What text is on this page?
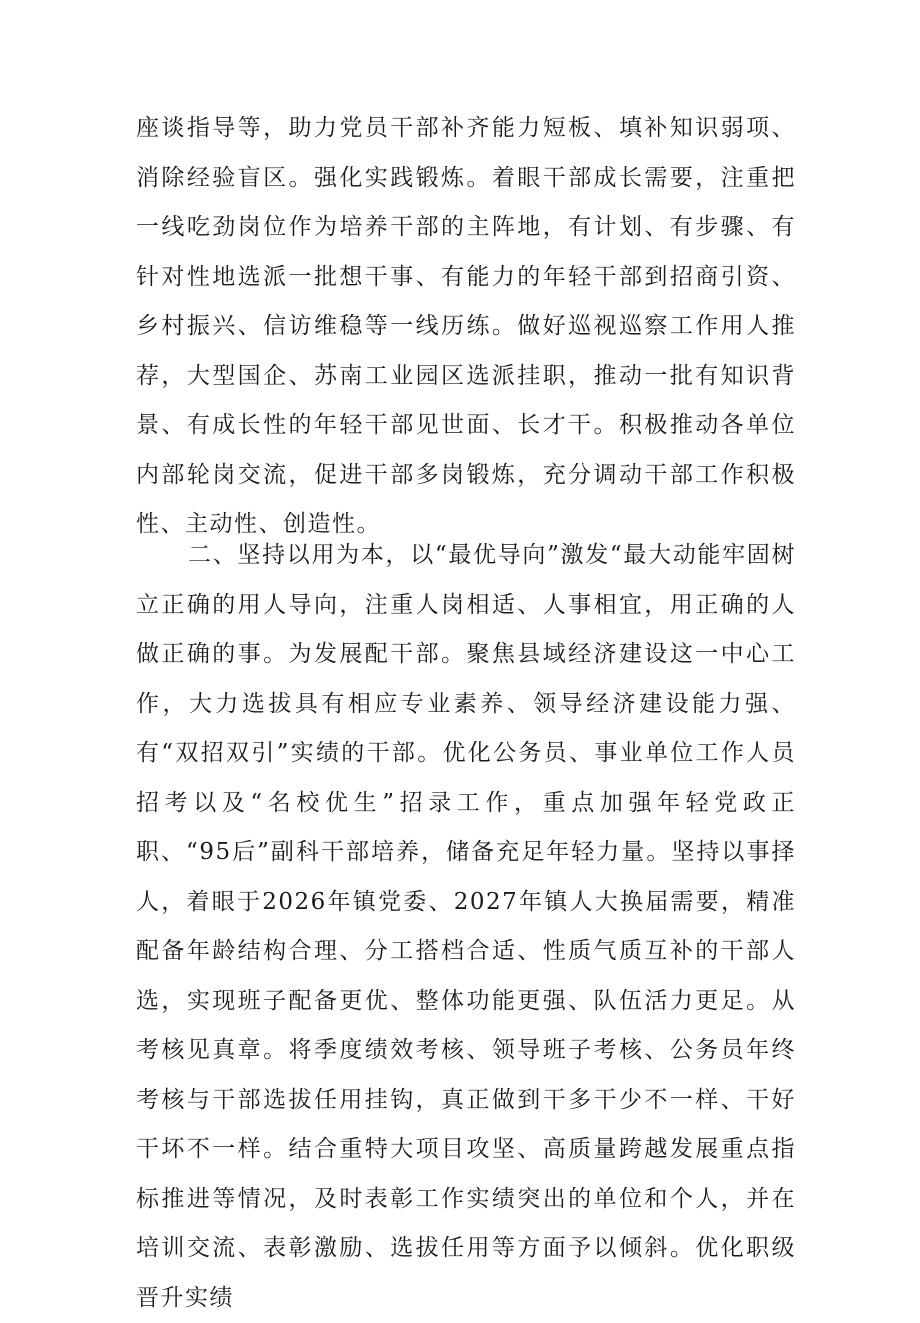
座谈指导等，助力党员干部补齐能力短板、填补知识弱项、消除经验盲区。强化实践锻炼。着眼干部成长需要，注重把一线吃劲岗位作为培养干部的主阵地，有计划、有步骤、有针对性地选派一批想干事、有能力的年轻干部到招商引资、乡村振兴、信访维稳等一线历练。做好巡视巡察工作用人推荐，大型国企、苏南工业园区选派挂职，推动一批有知识背景、有成长性的年轻干部见世面、长才干。积极推动各单位内部轮岗交流，促进干部多岗锻炼，充分调动干部工作积极性、主动性、创造性。

二、坚持以用为本，以“最优导向”激发“最大动能牢固树立正确的用人导向，注重人岗相适、人事相宜，用正确的人做正确的事。为发展配干部。聚焦县域经济建设这一中心工作，大力选拔具有相应专业素养、领导经济建设能力强、有“双招双引”实绩的干部。优化公务员、事业单位工作人员招考以及“名校优生”招录工作，重点加强年轻党政正职、“95后”副科干部培养，储备充足年轻力量。坚持以事择人，着眼于2026年镇党委、2027年镇人大换届需要，精准配备年龄结构合理、分工搭档合适、性质气质互补的干部人选，实现班子配备更优、整体功能更强、队伍活力更足。从考核见真章。将季度绩效考核、领导班子考核、公务员年终考核与干部选拔任用挂钩，真正做到干多干少不一样、干好干坏不一样。结合重特大项目攻坚、高质量跨越发展重点指标推进等情况，及时表彰工作实绩突出的单位和个人，并在培训交流、表彰激励、选拔任用等方面予以倾斜。优化职级晋升实绩
